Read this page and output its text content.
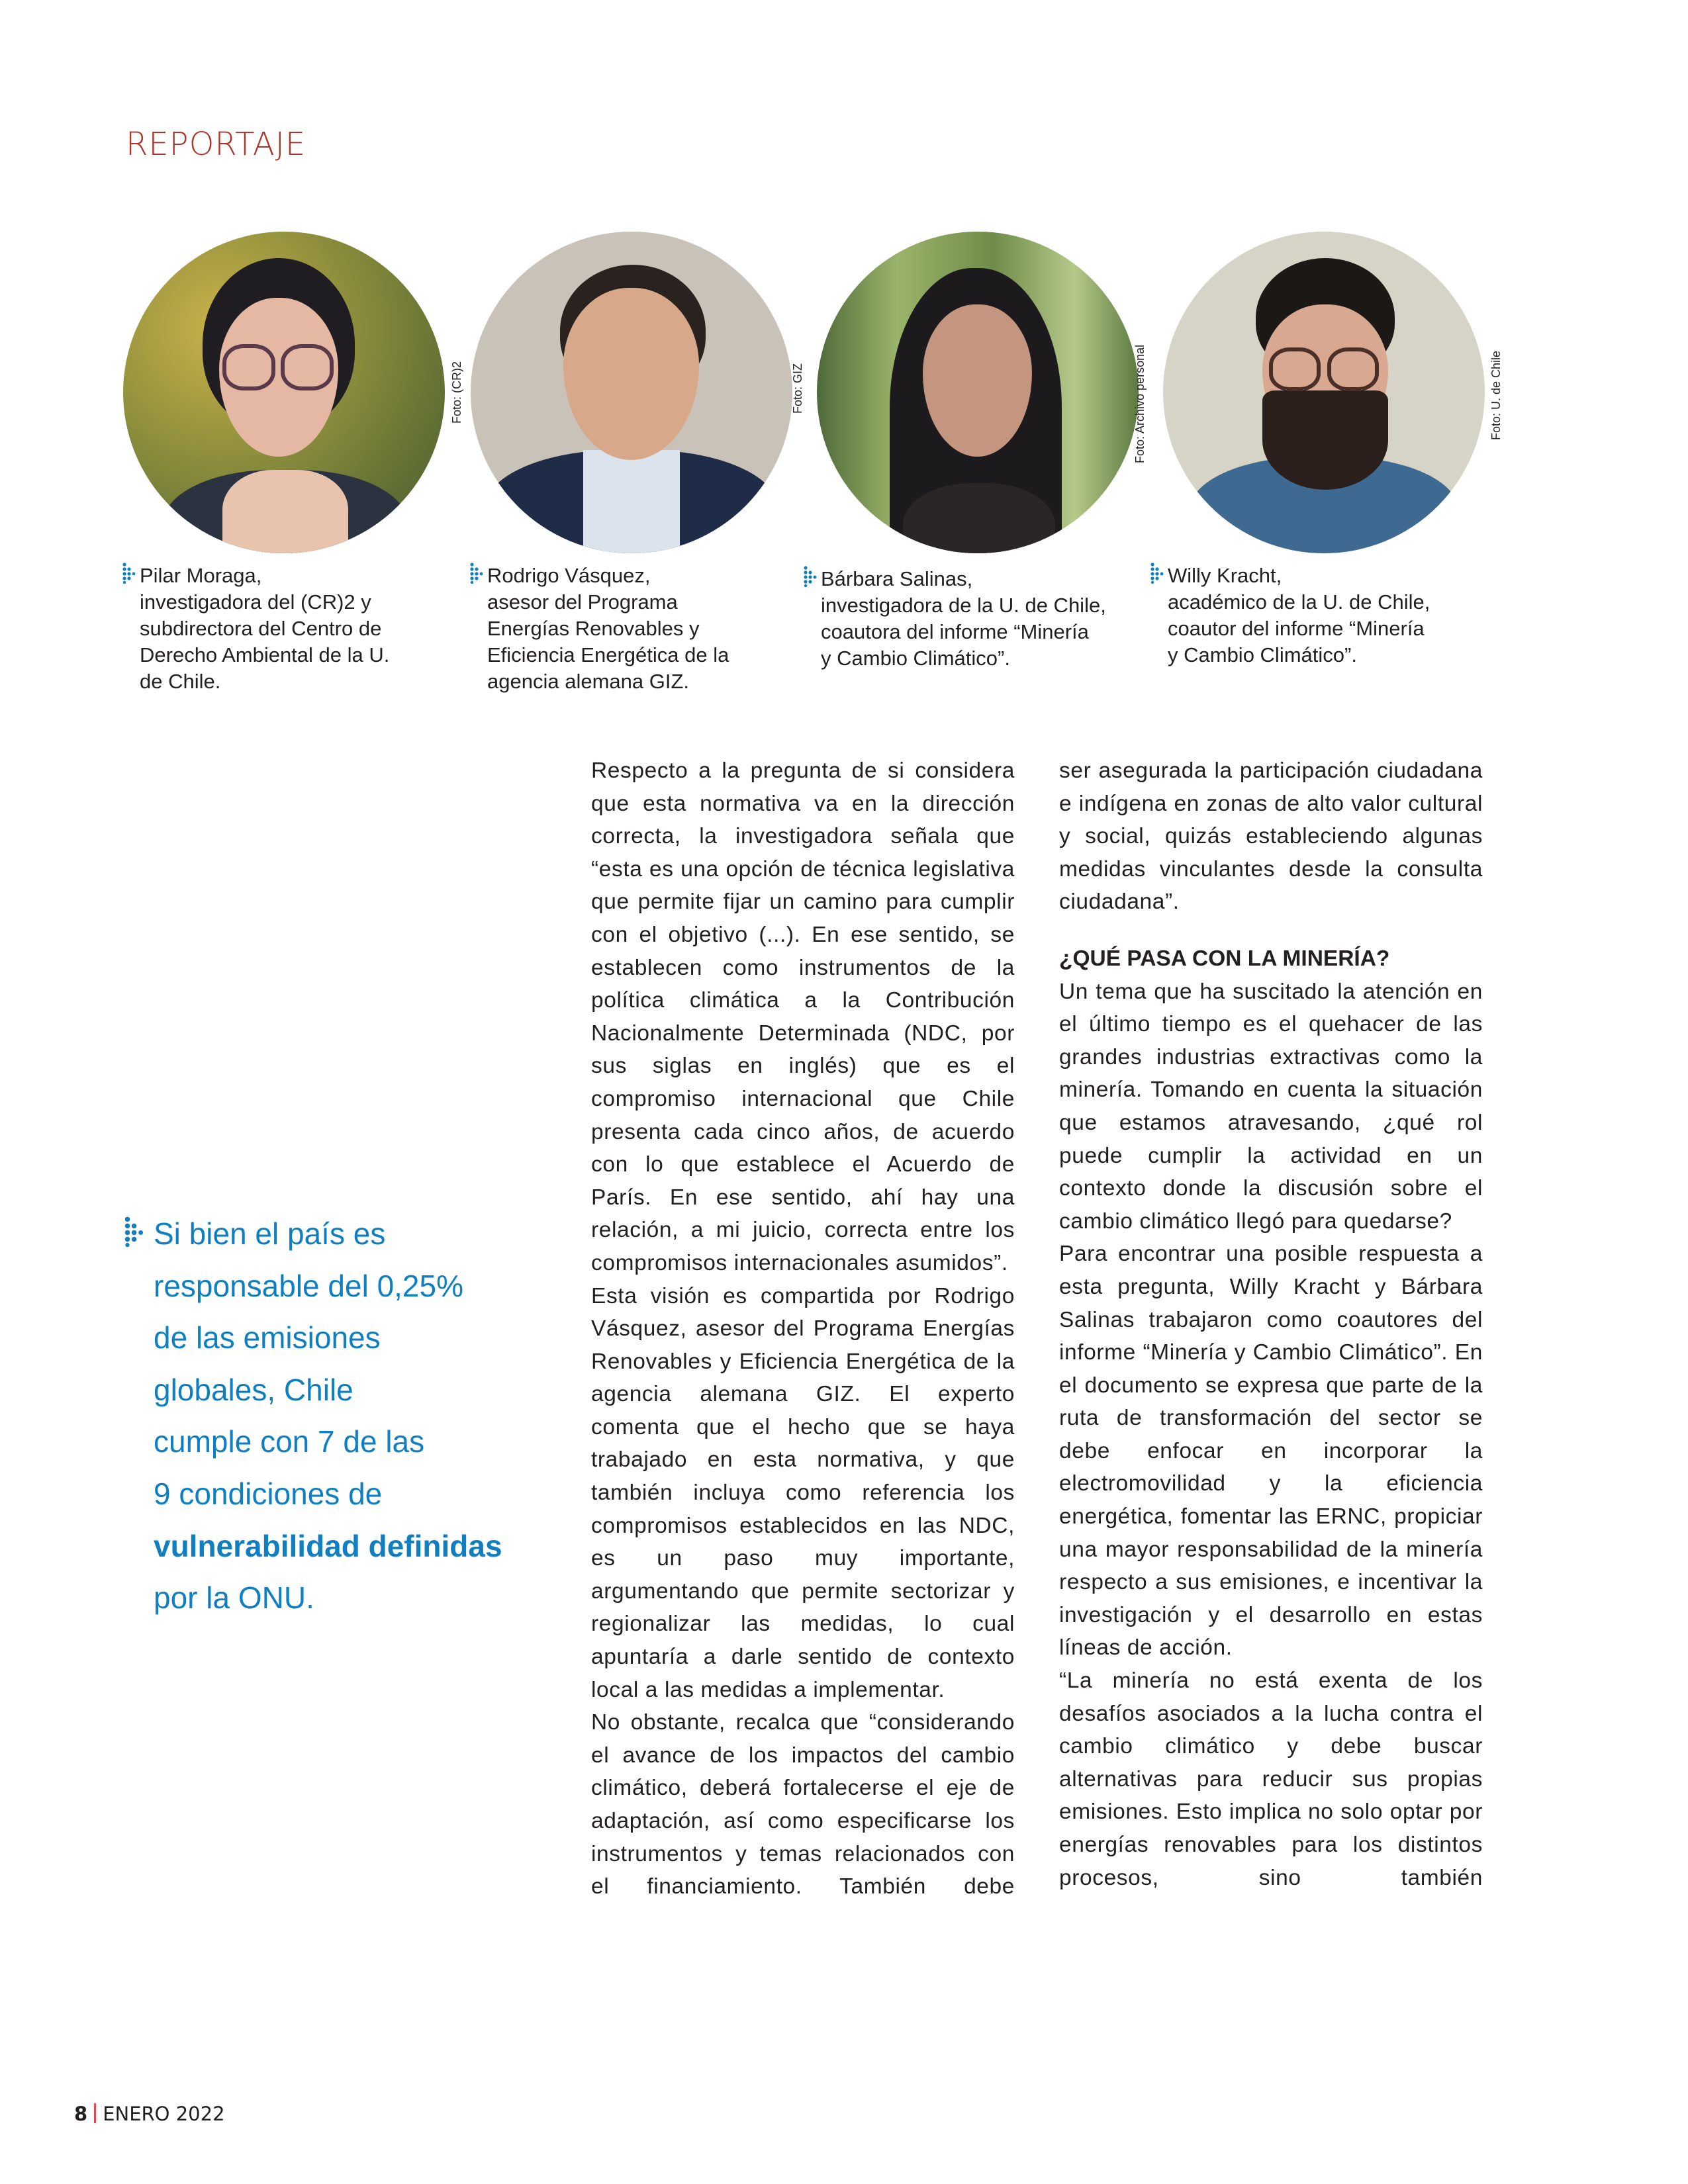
REPORTAJE
Foto: (CR)2	Foto: GIZ	Foto: Archivo personal	Foto: U. de Chile
Pilar Moraga,
investigadora del (CR)2 y
subdirectora del Centro de
Derecho Ambiental de la U.
de Chile.
Rodrigo Vásquez,
asesor del Programa
Energías Renovables y
Eficiencia Energética de la
agencia alemana GIZ.
Bárbara Salinas,
investigadora de la U. de Chile,
coautora del informe “Minería
y Cambio Climático”.
Willy Kracht,
académico de la U. de Chile,
coautor del informe “Minería
y Cambio Climático”.
Si bien el país es
responsable del 0,25%
de las emisiones
globales, Chile
cumple con 7 de las
9 condiciones de
vulnerabilidad definidas
por la ONU.

Respecto a la pregunta de si considera que esta normativa va en la dirección correcta, la investigadora señala que “esta es una opción de técnica legislativa que permite fijar un camino para cumplir con el objetivo (...). En ese sentido, se establecen como instrumentos de la política climática a la Contribución Nacionalmente Determinada (NDC, por sus siglas en inglés) que es el compromiso internacional que Chile presenta cada cinco años, de acuerdo con lo que establece el Acuerdo de París. En ese sentido, ahí hay una relación, a mi juicio, correcta entre los compromisos internacionales asumidos”.

Esta visión es compartida por Rodrigo Vásquez, asesor del Programa Energías Renovables y Eficiencia Energética de la agencia alemana GIZ. El experto comenta que el hecho que se haya trabajado en esta normativa, y que también incluya como referencia los compromisos establecidos en las NDC, es un paso muy importante, argumentando que permite sectorizar y regionalizar las medidas, lo cual apuntaría a darle sentido de contexto local a las medidas a implementar.

No obstante, recalca que “considerando el avance de los impactos del cambio climático, deberá fortalecerse el eje de adaptación, así como especificarse los instrumentos y temas relacionados con el financiamiento. También debe

ser asegurada la participación ciudadana e indígena en zonas de alto valor cultural y social, quizás estableciendo algunas medidas vinculantes desde la consulta ciudadana”.

¿QUÉ PASA CON LA MINERÍA?

Un tema que ha suscitado la atención en el último tiempo es el quehacer de las grandes industrias extractivas como la minería. Tomando en cuenta la situación que estamos atravesando, ¿qué rol puede cumplir la actividad en un contexto donde la discusión sobre el cambio climático llegó para quedarse?

Para encontrar una posible respuesta a esta pregunta, Willy Kracht y Bárbara Salinas trabajaron como coautores del informe “Minería y Cambio Climático”. En el documento se expresa que parte de la ruta de transformación del sector se debe enfocar en incorporar la electromovilidad y la eficiencia energética, fomentar las ERNC, propiciar una mayor responsabilidad de la minería respecto a sus emisiones, e incentivar la investigación y el desarrollo en estas líneas de acción.

“La minería no está exenta de los desafíos asociados a la lucha contra el cambio climático y debe buscar alternativas para reducir sus propias emisiones. Esto implica no solo optar por energías renovables para los distintos procesos, sino también

8 ENERO 2022
